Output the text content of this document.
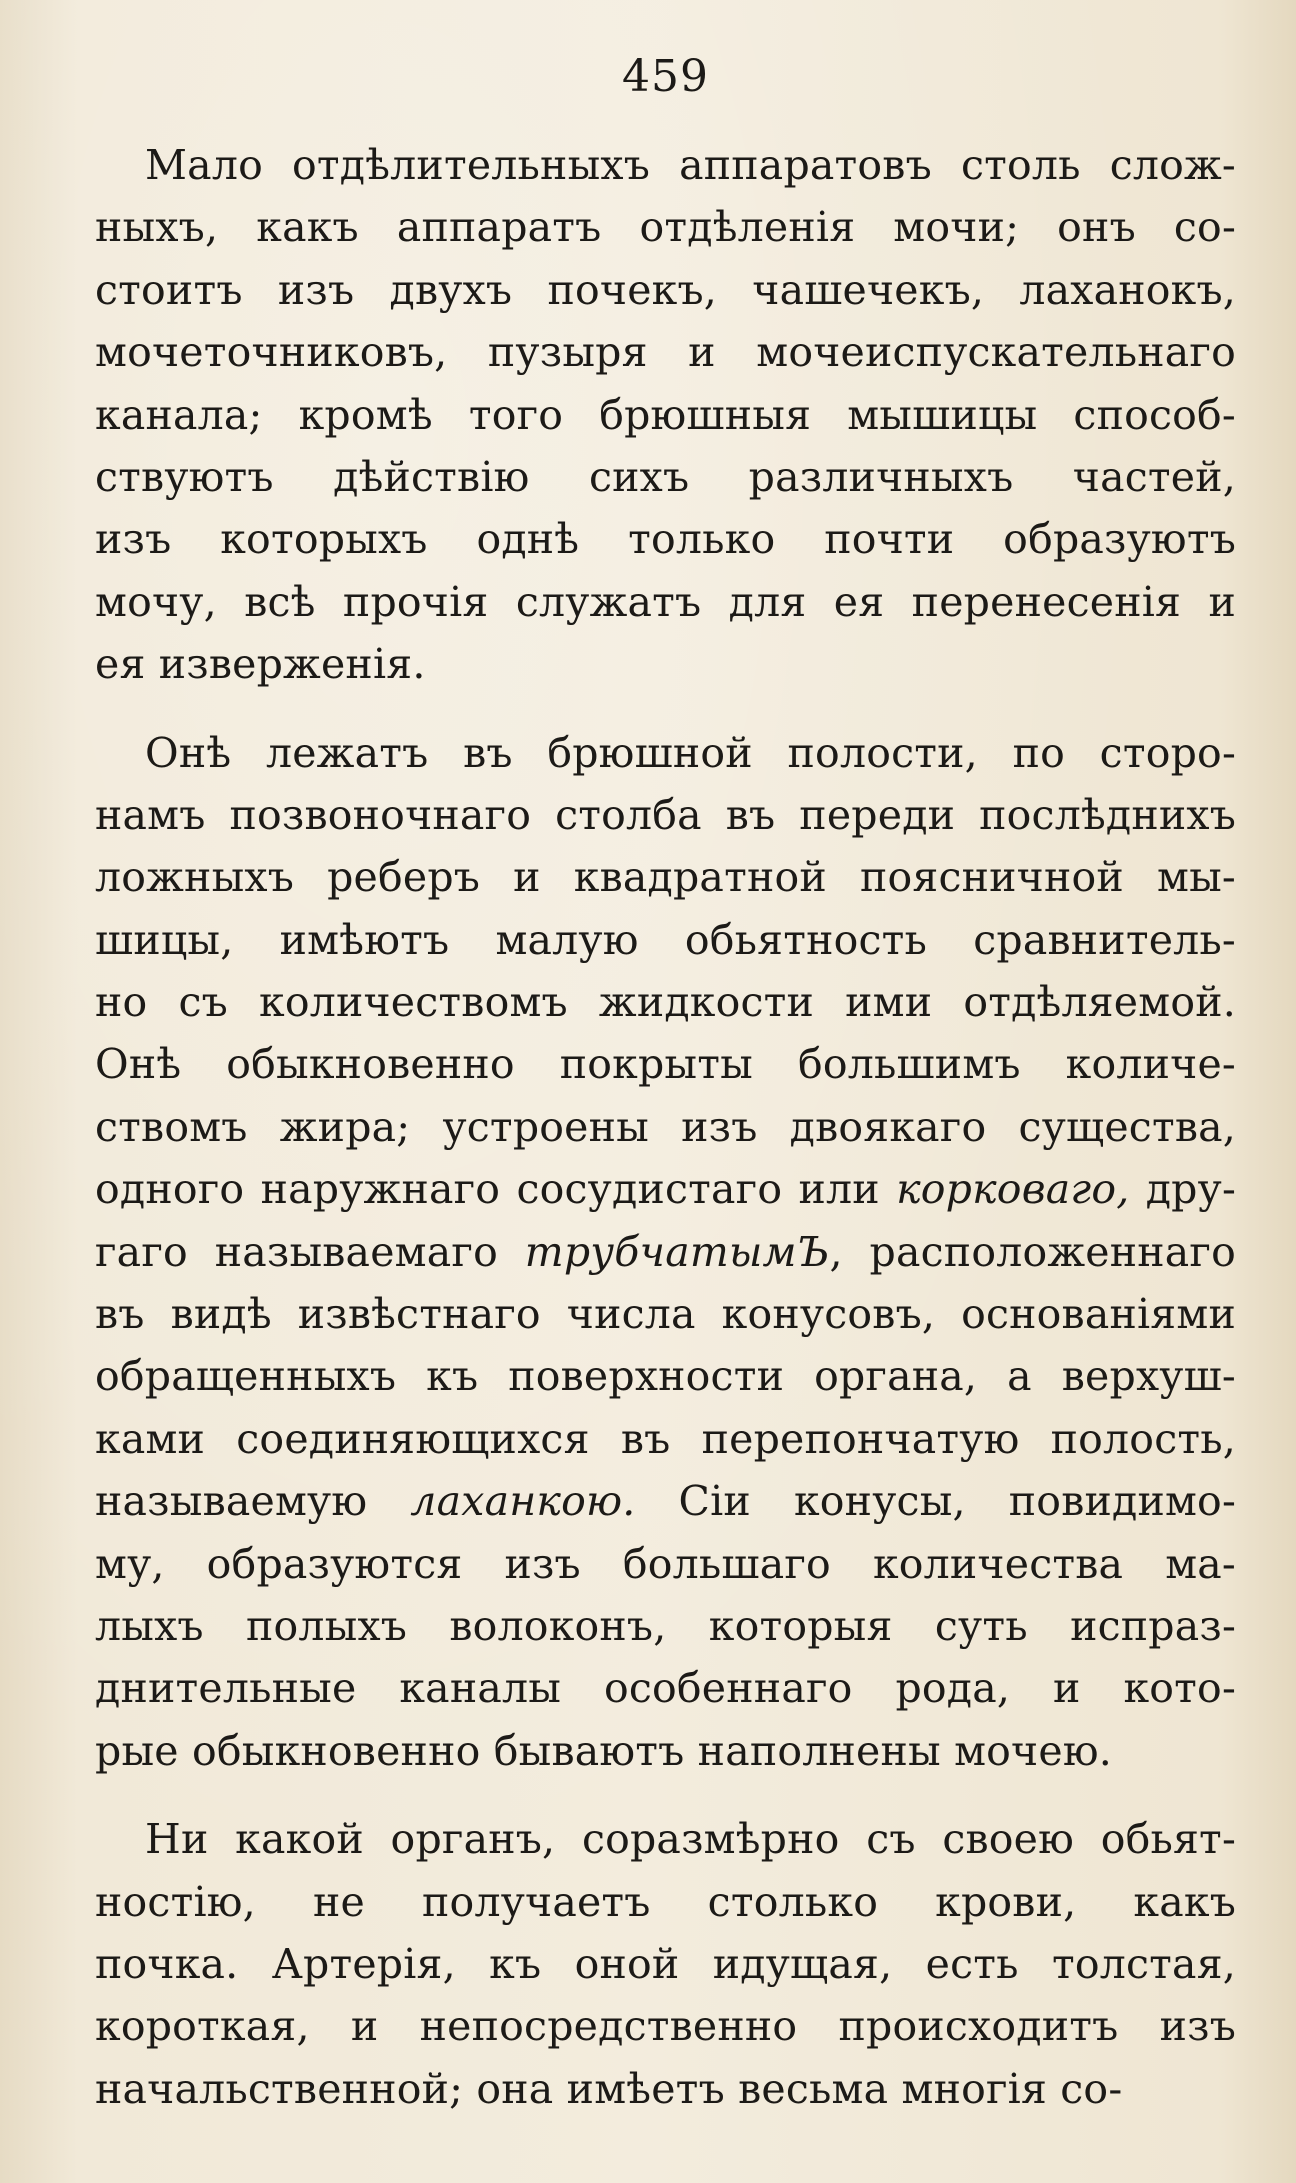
459
Мало отдѣлительныхъ аппаратовъ столь слож-
ныхъ, какъ аппаратъ отдѣленія мочи; онъ со-
стоитъ изъ двухъ почекъ, чашечекъ, лаханокъ,
мочеточниковъ, пузыря и мочеиспускательнаго
канала; кромѣ того брюшныя мышицы способ-
ствуютъ дѣйствію сихъ различныхъ частей,
изъ которыхъ однѣ только почти образуютъ
мочу, всѣ прочія служатъ для ея перенесенія и
ея изверженія.
Онѣ лежатъ въ брюшной полости, по сторо-
намъ позвоночнаго столба въ переди послѣднихъ
ложныхъ реберъ и квадратной поясничной мы-
шицы, имѣютъ малую обьятность сравнитель-
но съ количествомъ жидкости ими отдѣляемой.
Онѣ обыкновенно покрыты большимъ количе-
ствомъ жира; устроены изъ двоякаго существа,
одного наружнаго сосудистаго или корковаго, дру-
гаго называемаго трубчатымЪ, расположеннаго
въ видѣ извѣстнаго числа конусовъ, основаніями
обращенныхъ къ поверхности органа, а верхуш-
ками соединяющихся въ перепончатую полость,
называемую лаханкою. Сіи конусы, повидимо-
му, образуются изъ большаго количества ма-
лыхъ полыхъ волоконъ, которыя суть испраз-
днительные каналы особеннаго рода, и кото-
рые обыкновенно бываютъ наполнены мочею.
Ни какой органъ, соразмѣрно съ своею обьят-
ностію, не получаетъ столько крови, какъ
почка. Артерія, къ оной идущая, есть толстая,
короткая, и непосредственно происходитъ изъ
начальственной; она имѣетъ весьма многія со-
